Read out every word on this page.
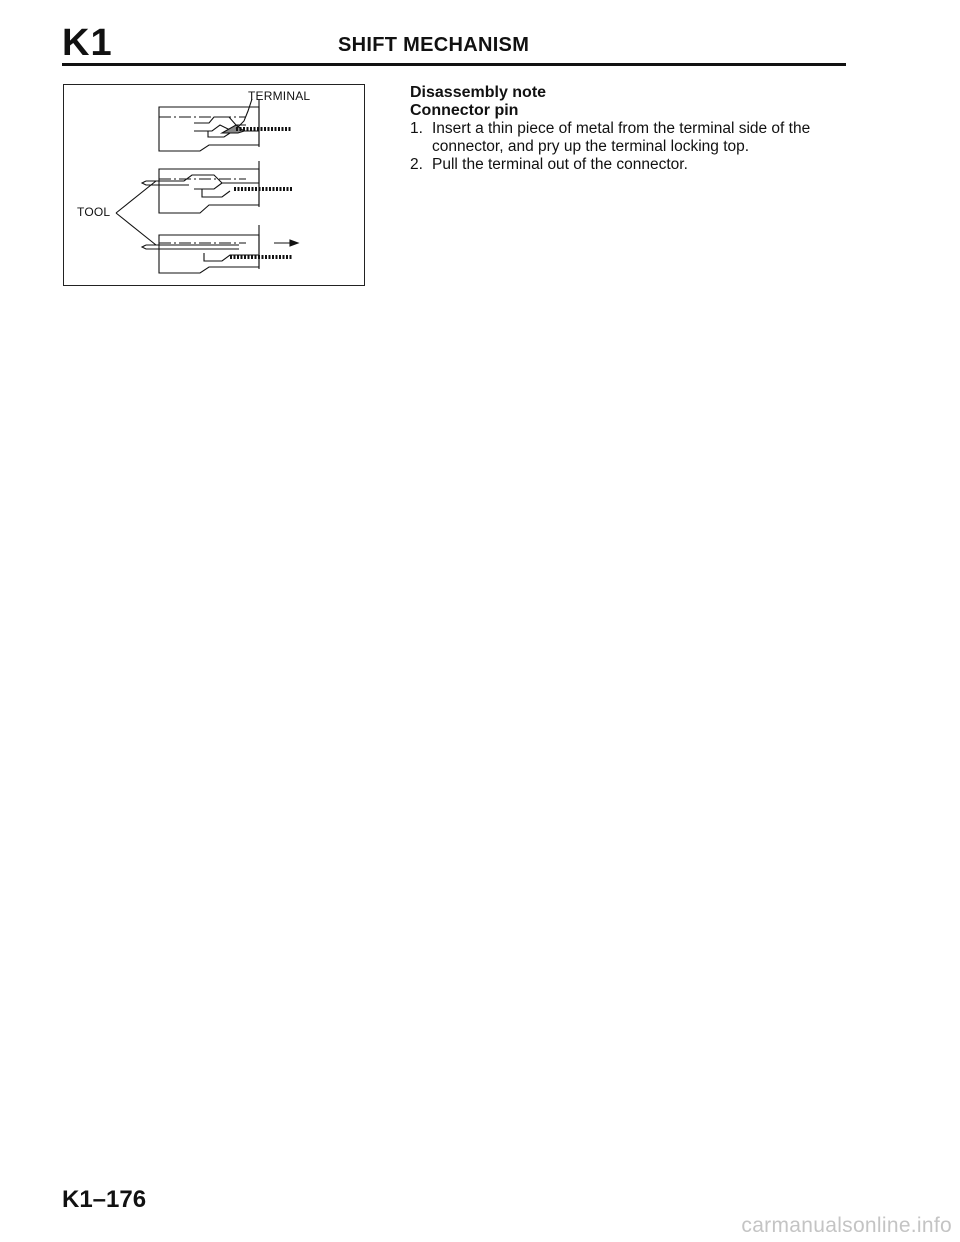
K1	SHIFT MECHANISM
TERMINAL
TOOL

Disassembly note

Connector pin

1. Insert a thin piece of metal from the terminal side of the connector, and pry up the terminal locking top.
2. Pull the terminal out of the connector.

K1–176

carmanualsonline.info
